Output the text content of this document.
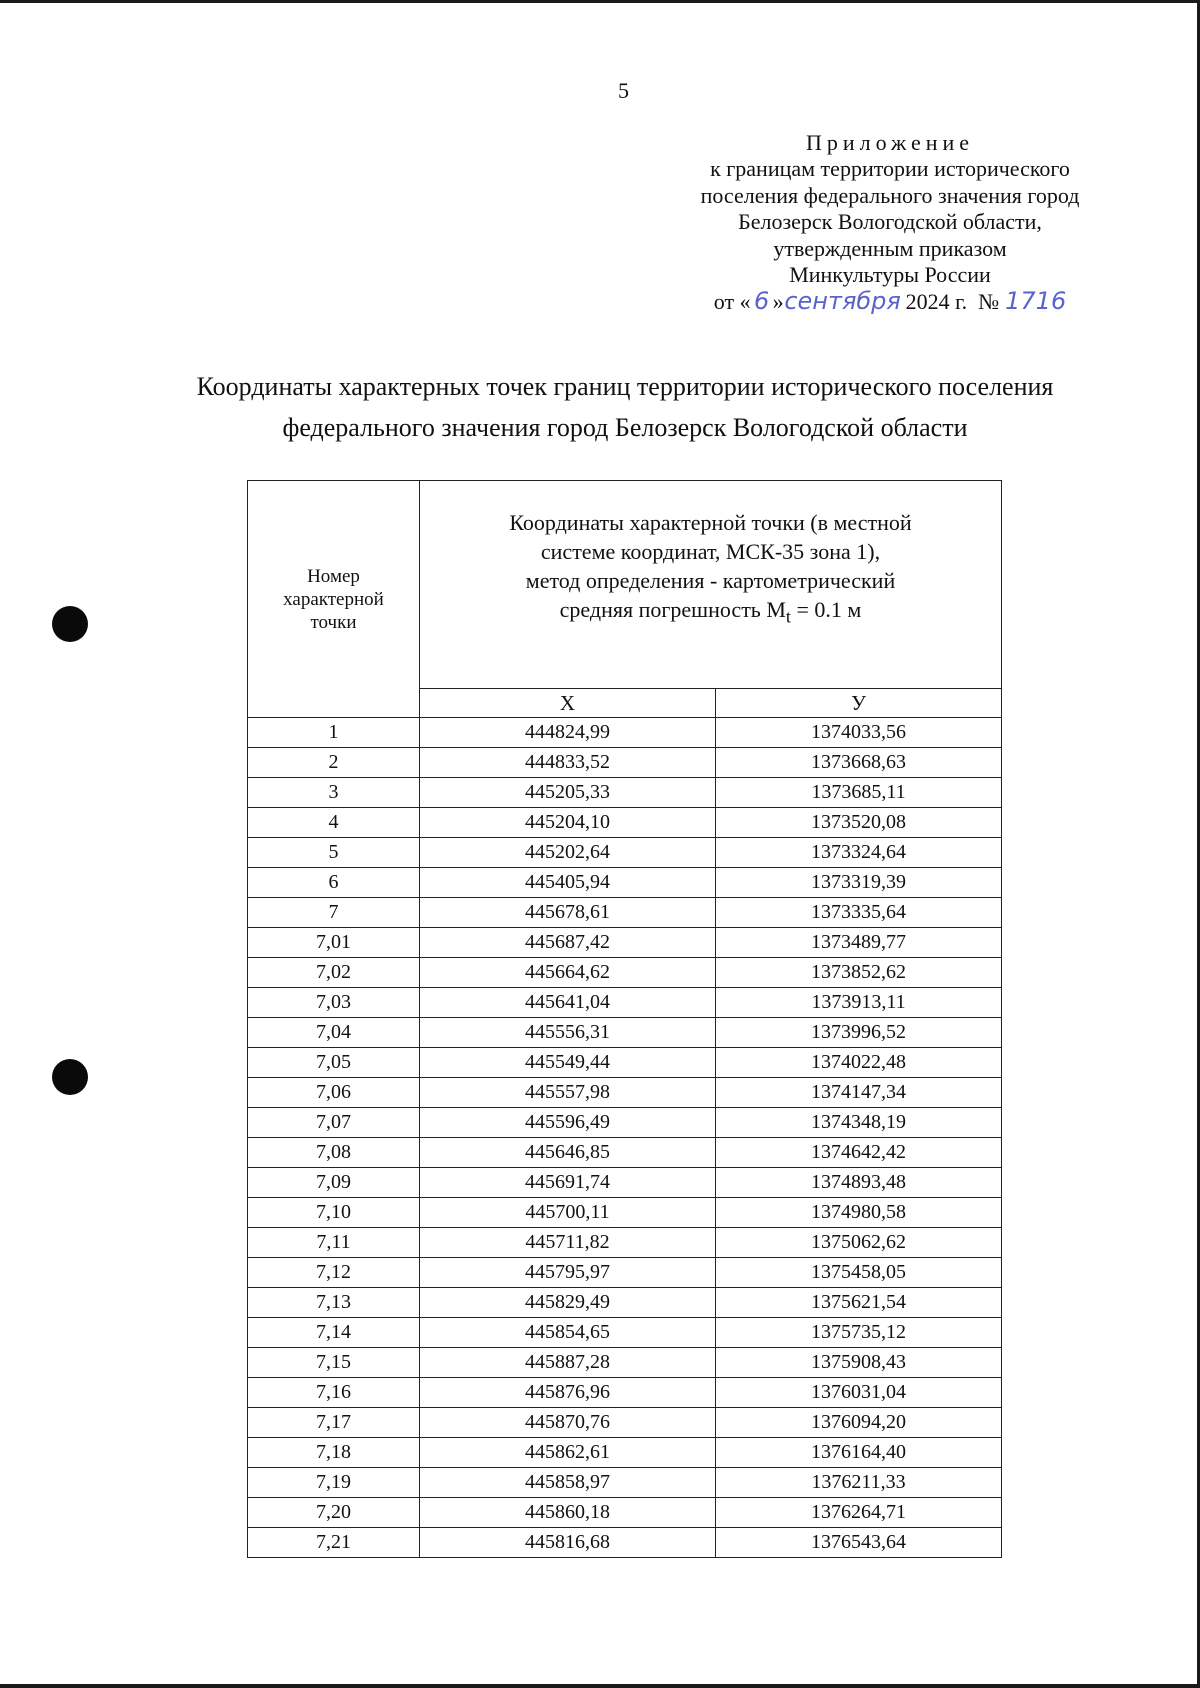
5
Приложение
к границам территории исторического
поселения федерального значения город
Белозерск Вологодской области,
утвержденным приказом
Минкультуры России
от « 6 »сентября 2024 г. № 1716
Координаты характерных точек границ территории исторического поселения
федерального значения город Белозерск Вологодской области
Номер
характерной
точки	Координаты характерной точки (в местной
системе координат, МСК-35 зона 1),
метод определения - картометрический
средняя погрешность $M_t = 0.1$ м	
	X	У
1	444824,99	1374033,56
2	444833,52	1373668,63
3	445205,33	1373685,11
4	445204,10	1373520,08
5	445202,64	1373324,64
6	445405,94	1373319,39
7	445678,61	1373335,64
7,01	445687,42	1373489,77
7,02	445664,62	1373852,62
7,03	445641,04	1373913,11
7,04	445556,31	1373996,52
7,05	445549,44	1374022,48
7,06	445557,98	1374147,34
7,07	445596,49	1374348,19
7,08	445646,85	1374642,42
7,09	445691,74	1374893,48
7,10	445700,11	1374980,58
7,11	445711,82	1375062,62
7,12	445795,97	1375458,05
7,13	445829,49	1375621,54
7,14	445854,65	1375735,12
7,15	445887,28	1375908,43
7,16	445876,96	1376031,04
7,17	445870,76	1376094,20
7,18	445862,61	1376164,40
7,19	445858,97	1376211,33
7,20	445860,18	1376264,71
7,21	445816,68	1376543,64
